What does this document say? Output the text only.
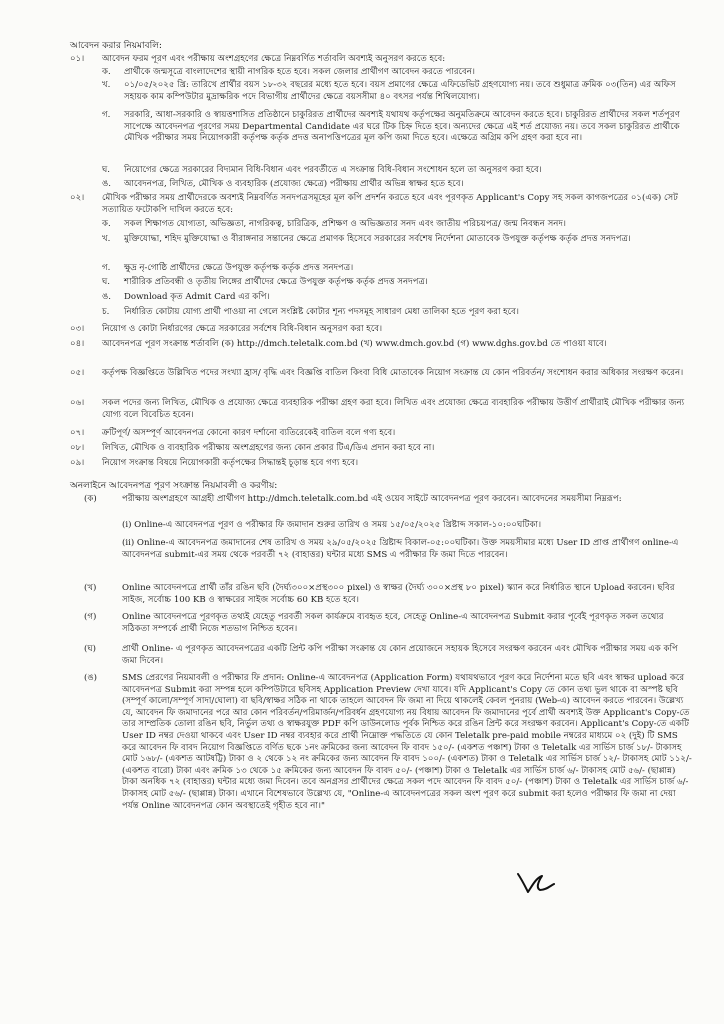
আবেদন করার নিয়মাবলি:
০১।	আবেদন ফরম পূরণ এবং পরীক্ষায় অংশগ্রহণের ক্ষেত্রে নিম্নবর্ণিত শর্তাবলি অবশ্যই অনুসরণ করতে হবে:
ক.	প্রার্থীকে জন্মসূত্রে বাংলাদেশের স্থায়ী নাগরিক হতে হবে। সকল জেলার প্রার্থীগণ আবেদন করতে পারবেন।
খ.	০১/০৫/২০২৫ খ্রি: তারিখে প্রার্থীর বয়স ১৮-৩২ বছরের মধ্যে হতে হবে। বয়স প্রমাণের ক্ষেত্রে এফিডেভিট গ্রহণযোগ্য নয়। তবে শুধুমাত্র ক্রমিক ০৩(তিন) এর অফিস সহায়ক কাম কম্পিউটার মুদ্রাক্ষরিক পদে বিভাগীয় প্রার্থীদের ক্ষেত্রে বয়সসীমা ৪০ বৎসর পর্যন্ত শিথিলযোগ্য।
গ.	সরকারি, আধা-সরকারি ও স্বায়ত্তশাসিত প্রতিষ্ঠানে চাকুরিরত প্রার্থীদের অবশ্যই যথাযথ কর্তৃপক্ষের অনুমতিক্রমে আবেদন করতে হবে। চাকুরিরত প্রার্থীদের সকল শর্তপূরণ সাপেক্ষে আবেদনপত্র পূরণের সময় Departmental Candidate এর ঘরে টিক চিহ্ন দিতে হবে। অন্যদের ক্ষেত্রে এই শর্ত প্রযোজ্য নয়। তবে সকল চাকুরিরত প্রার্থীকে মৌখিক পরীক্ষার সময় নিয়োগকারী কর্তৃপক্ষ কর্তৃক প্রদত্ত অনাপত্তিপত্রের মূল কপি জমা দিতে হবে। এক্ষেত্রে অগ্রিম কপি গ্রহণ করা হবে না।
ঘ.	নিয়োগের ক্ষেত্রে সরকারের বিদ্যমান বিধি-বিধান এবং পরবর্তীতে এ সংক্রান্ত বিধি-বিধান সংশোধন হলে তা অনুসরণ করা হবে।
ঙ.	আবেদনপত্র, লিখিত, মৌখিক ও ব্যবহারিক (প্রযোজ্য ক্ষেত্রে) পরীক্ষায় প্রার্থীর অভিন্ন স্বাক্ষর হতে হবে।
০২।	মৌখিক পরীক্ষার সময় প্রার্থীদেরকে অবশ্যই নিম্নবর্ণিত সনদপত্রসমূহের মূল কপি প্রদর্শন করতে হবে এবং পূরণকৃত Applicant's Copy সহ সকল কাগজপত্রের ০১(এক) সেট সত্যায়িত ফটোকপি দাখিল করতে হবে:
ক.	সকল শিক্ষাগত যোগ্যতা, অভিজ্ঞতা, নাগরিকত্ব, চারিত্রিক, প্রশিক্ষণ ও অভিজ্ঞতার সনদ এবং জাতীয় পরিচয়পত্র/ জন্ম নিবন্ধন সনদ।
খ.	মুক্তিযোদ্ধা, শহিদ মুক্তিযোদ্ধা ও বীরাঙ্গনার সন্তানের ক্ষেত্রে প্রমাণক হিসেবে সরকারের সর্বশেষ নির্দেশনা মোতাবেক উপযুক্ত কর্তৃপক্ষ কর্তৃক প্রদত্ত সনদপত্র।
গ.	ক্ষুদ্র নৃ-গোষ্ঠি প্রার্থীদের ক্ষেত্রে উপযুক্ত কর্তৃপক্ষ কর্তৃক প্রদত্ত সনদপত্র।
ঘ.	শারীরিক প্রতিবন্ধী ও তৃতীয় লিঙ্গের প্রার্থীদের ক্ষেত্রে উপযুক্ত কর্তৃপক্ষ কর্তৃক প্রদত্ত সনদপত্র।
ঙ.	Download কৃত Admit Card এর কপি।
চ.	নির্ধারিত কোটায় যোগ্য প্রার্থী পাওয়া না গেলে সংশ্লিষ্ট কোটার শূন্য পদসমূহ সাধারণ মেধা তালিকা হতে পূরণ করা হবে।
০৩।	নিয়োগ ও কোটা নির্ধারণের ক্ষেত্রে সরকারের সর্বশেষ বিধি-বিধান অনুসরণ করা হবে।
০৪।	আবেদনপত্র পূরণ সংক্রান্ত শর্তাবলি (ক) http://dmch.teletalk.com.bd (খ) www.dmch.gov.bd (গ) www.dghs.gov.bd তে পাওয়া যাবে।
০৫।	কর্তৃপক্ষ বিজ্ঞপ্তিতে উল্লিখিত পদের সংখ্যা হ্রাস/ বৃদ্ধি এবং বিজ্ঞপ্তি বাতিল কিংবা বিধি মোতাবেক নিয়োগ সংক্রান্ত যে কোন পরিবর্তন/ সংশোধন করার অধিকার সংরক্ষণ করেন।
০৬।	সকল পদের জন্য লিখিত, মৌখিক ও প্রযোজ্য ক্ষেত্রে ব্যবহারিক পরীক্ষা গ্রহণ করা হবে। লিখিত এবং প্রযোজ্য ক্ষেত্রে ব্যবহারিক পরীক্ষায় উত্তীর্ণ প্রার্থীরাই মৌখিক পরীক্ষার জন্য যোগ্য বলে বিবেচিত হবেন।
০৭।	ক্রটিপূর্ণ/ অসম্পূর্ণ আবেদনপত্র কোনো কারণ দর্শানো ব্যতিরেকেই বাতিল বলে গণ্য হবে।
০৮।	লিখিত, মৌখিক ও ব্যবহারিক পরীক্ষায় অংশগ্রহণের জন্য কোন প্রকার টিএ/ডিএ প্রদান করা হবে না।
০৯।	নিয়োগ সংক্রান্ত বিষয়ে নিয়োগকারী কর্তৃপক্ষের সিদ্ধান্তই চূড়ান্ত হবে গণ্য হবে।
অনলাইনে আবেদনপত্র পূরণ সংক্রান্ত নিয়মাবলী ও করণীয়:
(ক)	পরীক্ষায় অংশগ্রহণে আগ্রহী প্রার্থীগণ http://dmch.teletalk.com.bd এই ওয়েব সাইটে আবেদনপত্র পূরণ করবেন। আবেদনের সময়সীমা নিম্নরূপ:
(i) Online-এ আবেদনপত্র পূরণ ও পরীক্ষার ফি জমাদান শুরুর তারিখ ও সময় ১৫/০৫/২০২৫ খ্রিষ্টাব্দ সকাল-১০:০০ঘটিকা।
(ii) Online-এ আবেদনপত্র জমাদানের শেষ তারিখ ও সময় ২৯/০৫/২০২৫ খ্রিষ্টাব্দ বিকাল-০৫:০০ঘটিকা। উক্ত সময়সীমার মধ্যে User ID প্রাপ্ত প্রার্থীগণ online-এ আবেদনপত্র submit-এর সময় থেকে পরবর্তী ৭২ (বাহাত্তর) ঘন্টার মধ্যে SMS এ পরীক্ষার ফি জমা দিতে পারবেন।
(খ)	Online আবেদনপত্রে প্রার্থী তাঁর রঙিন ছবি (দৈর্ঘ্য৩০০×প্রস্থ৩০০ pixel) ও স্বাক্ষর (দৈর্ঘ্য ৩০০×প্রস্থ ৮০ pixel) স্ক্যান করে নির্ধারিত স্থানে Upload করবেন। ছবির সাইজ, সর্বোচ্চ 100 KB ও স্বাক্ষরের সাইজ সর্বোচ্চ 60 KB হতে হবে।
(গ)	Online আবেদনপত্রে পূরণকৃত তথ্যই যেহেতু পরবর্তী সকল কার্যক্রমে ব্যবহৃত হবে, সেহেতু Online-এ আবেদনপত্র Submit করার পূর্বেই পূরণকৃত সকল তথ্যের সঠিকতা সম্পর্কে প্রার্থী নিজে শতভাগ নিশ্চিত হবেন।
(ঘ)	প্রার্থী Online- এ পূরণকৃত আবেদনপত্রের একটি প্রিন্ট কপি পরীক্ষা সংক্রান্ত যে কোন প্রয়োজনে সহায়ক হিসেবে সংরক্ষণ করবেন এবং মৌখিক পরীক্ষার সময় এক কপি জমা দিবেন।
(ঙ)	SMS প্রেরণের নিয়মাবলী ও পরীক্ষার ফি প্রদান: Online-এ আবেদনপত্র (Application Form) যথাযথভাবে পূরণ করে নির্দেশনা মতে ছবি এবং স্বাক্ষর upload করে আবেদনপত্র Submit করা সম্পন্ন হলে কম্পিউটারে ছবিসহ Application Preview দেখা যাবে। যদি Applicant's Copy তে কোন তথ্য ভুল থাকে বা অস্পষ্ট ছবি (সম্পূর্ণ কালো/সম্পূর্ণ সাদা/ঘোলা) বা ছবি/স্বাক্ষর সঠিক না থাকে তাহলে আবেদন ফি জমা না দিয়ে থাকলেই কেবল পুনরায় (Web-এ) আবেদন করতে পারবেন। উল্লেখ্য যে, আবেদন ফি জমাদানের পরে আর কোন পরিবর্তন/পরিমার্জন/পরিবর্ধন গ্রহণযোগ্য নয় বিধায় আবেদন ফি জমাদানের পূর্বে প্রার্থী অবশ্যই উক্ত Applicant's Copy-তে তার সাম্প্রতিক তোলা রঙিন ছবি, নির্ভুল তথ্য ও স্বাক্ষরযুক্ত PDF কপি ডাউনলোড পূর্বক নিশ্চিত করে রঙিন প্রিন্ট করে সংরক্ষণ করবেন। Applicant's Copy-তে একটি User ID নম্বর দেওয়া থাকবে এবং User ID নম্বর ব্যবহার করে প্রার্থী নিম্নোক্ত পদ্ধতিতে যে কোন Teletalk pre-paid mobile নম্বরের মাধ্যমে ০২ (দুই) টি SMS করে আবেদন ফি বাবদ নিয়োগ বিজ্ঞপ্তিতে বর্ণিত ছকে ১নং ক্রমিকের জন্য আবেদন ফি বাবদ ১৫০/- (একশত পঞ্চাশ) টাকা ও Teletalk এর সার্ভিস চার্জ ১৮/- টাকাসহ মোট ১৬৮/- (একশত আটষট্টি) টাকা ও ২ থেকে ১২ নং ক্রমিকের জন্য আবেদন ফি বাবদ ১০০/- (একশত) টাকা ও Teletalk এর সার্ভিস চার্জ ১২/- টাকাসহ মোট ১১২/- (একশত বারো) টাকা এবং ক্রমিক ১৩ থেকে ১৫ ক্রমিকের জন্য আবেদন ফি বাবদ ৫০/- (পঞ্চাশ) টাকা ও Teletalk এর সার্ভিস চার্জ ৬/- টাকাসহ মোট ৫৬/- (ছাপ্পান্ন) টাকা অনধিক ৭২ (বাহাত্তর) ঘন্টার মধ্যে জমা দিবেন। তবে অনগ্রসর প্রার্থীদের ক্ষেত্রে সকল পদে আবেদন ফি বাবদ ৫০/- (পঞ্চাশ) টাকা ও Teletalk এর সার্ভিস চার্জ ৬/- টাকাসহ মোট ৫৬/- (ছাপ্পান্ন) টাকা। এখানে বিশেষভাবে উল্লেখ্য যে, "Online-এ আবেদনপত্রের সকল অংশ পূরণ করে submit করা হলেও পরীক্ষার ফি জমা না দেয়া পর্যন্ত Online আবেদনপত্র কোন অবস্থাতেই গৃহীত হবে না।"
